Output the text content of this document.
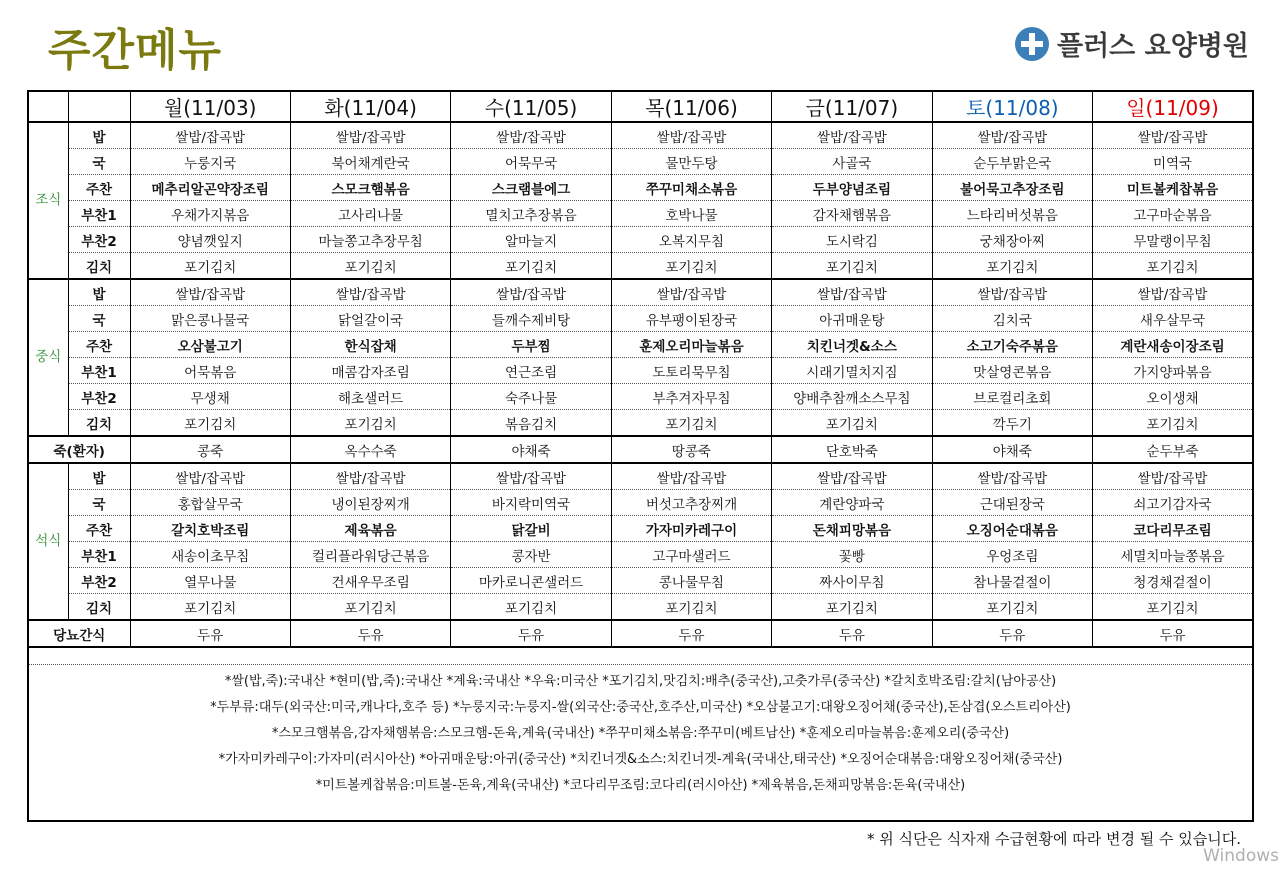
주간메뉴	플러스 요양병원
		월(11/03)	화(11/04)	수(11/05)	목(11/06)	금(11/07)	토(11/08)	일(11/09)
조식	밥	쌀밥/잡곡밥	쌀밥/잡곡밥	쌀밥/잡곡밥	쌀밥/잡곡밥	쌀밥/잡곡밥	쌀밥/잡곡밥	쌀밥/잡곡밥
	국	누룽지국	북어채계란국	어묵무국	물만두탕	사골국	순두부맑은국	미역국
	주찬	메추리알곤약장조림	스모크햄볶음	스크램블에그	쭈꾸미채소볶음	두부양념조림	불어묵고추장조림	미트볼케찹볶음
	부찬1	우채가지볶음	고사리나물	멸치고추장볶음	호박나물	감자채햄볶음	느타리버섯볶음	고구마순볶음
	부찬2	양념깻잎지	마늘쫑고추장무침	알마늘지	오복지무침	도시락김	궁채장아찌	무말랭이무침
	김치	포기김치	포기김치	포기김치	포기김치	포기김치	포기김치	포기김치
중식	밥	쌀밥/잡곡밥	쌀밥/잡곡밥	쌀밥/잡곡밥	쌀밥/잡곡밥	쌀밥/잡곡밥	쌀밥/잡곡밥	쌀밥/잡곡밥
	국	맑은콩나물국	닭얼갈이국	들깨수제비탕	유부팽이된장국	아귀매운탕	김치국	새우살무국
	주찬	오삼불고기	한식잡채	두부찜	훈제오리마늘볶음	치킨너겟&소스	소고기숙주볶음	계란새송이장조림
	부찬1	어묵볶음	매콤감자조림	연근조림	도토리묵무침	시래기멸치지짐	맛살영콘볶음	가지양파볶음
	부찬2	무생채	해초샐러드	숙주나물	부추겨자무침	양배추참깨소스무침	브로컬리초회	오이생채
	김치	포기김치	포기김치	볶음김치	포기김치	포기김치	깍두기	포기김치
죽(환자)		콩죽	옥수수죽	야채죽	땅콩죽	단호박죽	야채죽	순두부죽
석식	밥	쌀밥/잡곡밥	쌀밥/잡곡밥	쌀밥/잡곡밥	쌀밥/잡곡밥	쌀밥/잡곡밥	쌀밥/잡곡밥	쌀밥/잡곡밥
	국	홍합살무국	냉이된장찌개	바지락미역국	버섯고추장찌개	계란양파국	근대된장국	쇠고기감자국
	주찬	갈치호박조림	제육볶음	닭갈비	가자미카레구이	돈채피망볶음	오징어순대볶음	코다리무조림
	부찬1	새송이초무침	컬리플라워당근볶음	콩자반	고구마샐러드	꽃빵	우엉조림	세멸치마늘쫑볶음
	부찬2	열무나물	건새우무조림	마카로니콘샐러드	콩나물무침	짜사이무침	참나물겉절이	청경채겉절이
	김치	포기김치	포기김치	포기김치	포기김치	포기김치	포기김치	포기김치
당뇨간식		두유	두유	두유	두유	두유	두유	두유
*쌀(밥,죽):국내산 *현미(밥,죽):국내산 *계육:국내산 *우육:미국산 *포기김치,맛김치:배추(중국산),고춧가루(중국산) *갈치호박조림:갈치(남아공산)
*두부류:대두(외국산:미국,캐나다,호주 등) *누룽지국:누룽지-쌀(외국산:중국산,호주산,미국산) *오삼불고기:대왕오징어채(중국산),돈삼겹(오스트리아산)
*스모크햄볶음,감자채햄볶음:스모크햄-돈육,계육(국내산) *쭈꾸미채소볶음:쭈꾸미(베트남산) *훈제오리마늘볶음:훈제오리(중국산)
*가자미카레구이:가자미(러시아산) *아귀매운탕:아귀(중국산) *치킨너겟&소스:치킨너겟-계육(국내산,태국산) *오징어순대볶음:대왕오징어채(중국산)
*미트볼케찹볶음:미트볼-돈육,계육(국내산) *코다리무조림:코다리(러시아산) *제육볶음,돈채피망볶음:돈육(국내산)
* 위 식단은 식자재 수급현황에 따라 변경 될 수 있습니다.
Windows
